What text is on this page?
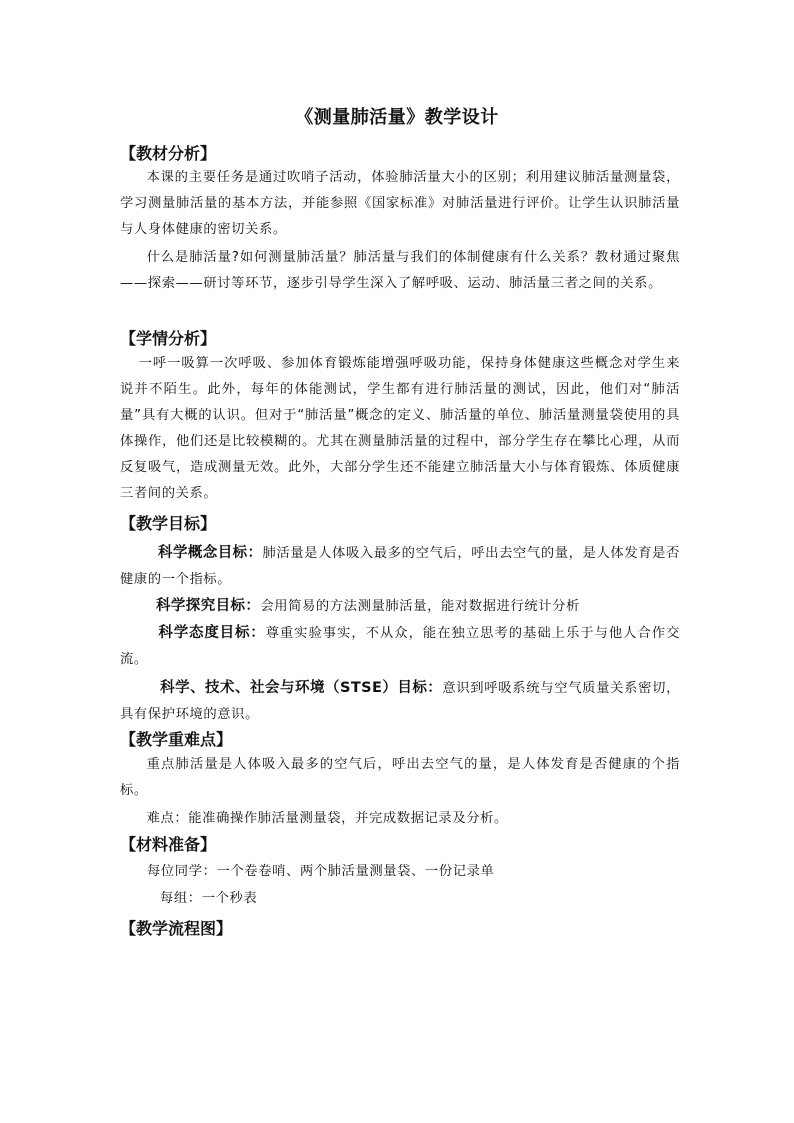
《测量肺活量》教学设计
【教材分析】
本课的主要任务是通过吹哨子活动，体验肺活量大小的区别；利用建议肺活量测量袋，学习测量肺活量的基本方法，并能参照《国家标准》对肺活量进行评价。让学生认识肺活量与人身体健康的密切关系。
什么是肺活量?如何测量肺活量？肺活量与我们的体制健康有什么关系？教材通过聚焦——探索——研讨等环节，逐步引导学生深入了解呼吸、运动、肺活量三者之间的关系。
【学情分析】
一呼一吸算一次呼吸、参加体育锻炼能增强呼吸功能，保持身体健康这些概念对学生来说并不陌生。此外，每年的体能测试，学生都有进行肺活量的测试，因此，他们对“肺活量”具有大概的认识。但对于“肺活量”概念的定义、肺活量的单位、肺活量测量袋使用的具体操作，他们还是比较模糊的。尤其在测量肺活量的过程中，部分学生存在攀比心理，从而反复吸气，造成测量无效。此外，大部分学生还不能建立肺活量大小与体育锻炼、体质健康三者间的关系。
【教学目标】
科学概念目标：肺活量是人体吸入最多的空气后，呼出去空气的量，是人体发育是否健康的一个指标。
科学探究目标：会用简易的方法测量肺活量，能对数据进行统计分析
科学态度目标：尊重实验事实，不从众，能在独立思考的基础上乐于与他人合作交流。
科学、技术、社会与环境（STSE）目标：意识到呼吸系统与空气质量关系密切，具有保护环境的意识。
【教学重难点】
重点肺活量是人体吸入最多的空气后，呼出去空气的量，是人体发育是否健康的个指标。
难点：能准确操作肺活量测量袋，并完成数据记录及分析。
【材料准备】
每位同学：一个卷卷哨、两个肺活量测量袋、一份记录单
每组：一个秒表
【教学流程图】
